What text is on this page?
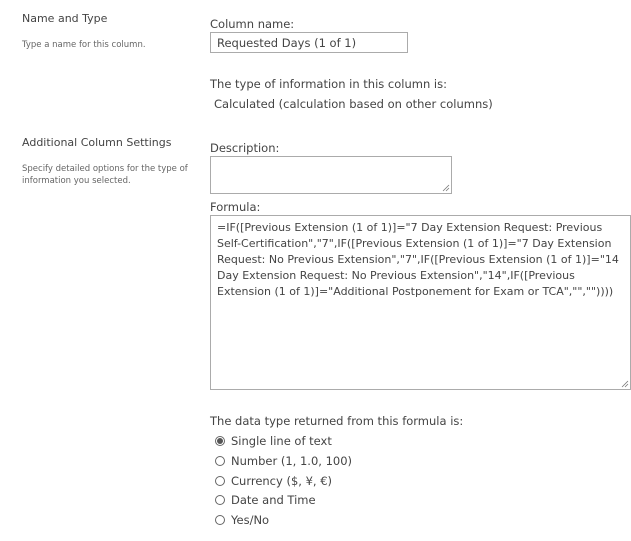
Name and Type
Type a name for this column.
Column name:
Requested Days (1 of 1)
The type of information in this column is:
Calculated (calculation based on other columns)
Additional Column Settings
Specify detailed options for the type of information you selected.
Description:
Formula:
=IF([Previous Extension (1 of 1)]="7 Day Extension Request: Previous Self-Certification","7",IF([Previous Extension (1 of 1)]="7 Day Extension Request: No Previous Extension","7",IF([Previous Extension (1 of 1)]="14 Day Extension Request: No Previous Extension","14",IF([Previous Extension (1 of 1)]="Additional Postponement for Exam or TCA","",""))))
The data type returned from this formula is:
Single line of text
Number (1, 1.0, 100)
Currency ($, ¥, €)
Date and Time
Yes/No
